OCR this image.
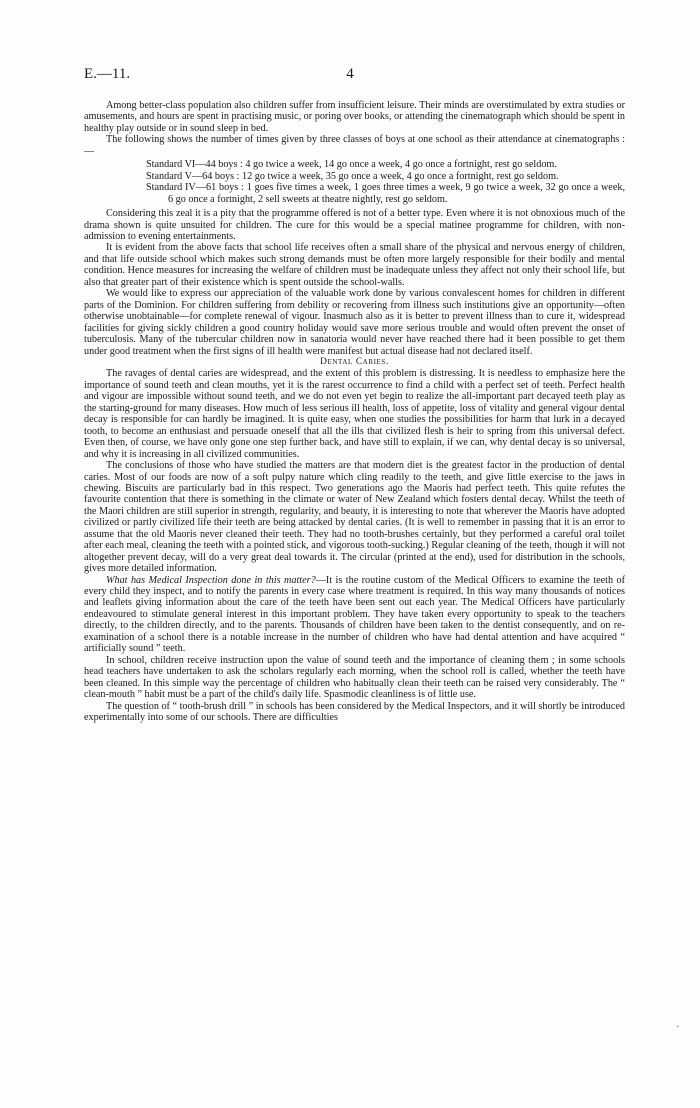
E.—11.	4

Among better-class population also children suffer from insufficient leisure. Their minds are overstimulated by extra studies or amusements, and hours are spent in practising music, or poring over books, or attending the cinematograph which should be spent in healthy play outside or in sound sleep in bed.

The following shows the number of times given by three classes of boys at one school as their attendance at cinematographs :—

Standard VI—44 boys : 4 go twice a week, 14 go once a week, 4 go once a fortnight, rest go seldom.

Standard V—64 boys : 12 go twice a week, 35 go once a week, 4 go once a fortnight, rest go seldom.

Standard IV—61 boys : 1 goes five times a week, 1 goes three times a week, 9 go twice a week, 32 go once a week, 6 go once a fortnight, 2 sell sweets at theatre nightly, rest go seldom.

Considering this zeal it is a pity that the programme offered is not of a better type. Even where it is not obnoxious much of the drama shown is quite unsuited for children. The cure for this would be a special matinee programme for children, with non-admission to evening entertainments.

It is evident from the above facts that school life receives often a small share of the physical and nervous energy of children, and that life outside school which makes such strong demands must be often more largely responsible for their bodily and mental condition. Hence measures for increasing the welfare of children must be inadequate unless they affect not only their school life, but also that greater part of their existence which is spent outside the school-walls.

We would like to express our appreciation of the valuable work done by various convalescent homes for children in different parts of the Dominion. For children suffering from debility or recovering from illness such institutions give an opportunity—often otherwise unobtainable—for complete renewal of vigour. Inasmuch also as it is better to prevent illness than to cure it, widespread facilities for giving sickly children a good country holiday would save more serious trouble and would often prevent the onset of tuberculosis. Many of the tubercular children now in sanatoria would never have reached there had it been possible to get them under good treatment when the first signs of ill health were manifest but actual disease had not declared itself.

Dental Caries.

The ravages of dental caries are widespread, and the extent of this problem is distressing. It is needless to emphasize here the importance of sound teeth and clean mouths, yet it is the rarest occurrence to find a child with a perfect set of teeth. Perfect health and vigour are impossible without sound teeth, and we do not even yet begin to realize the all-important part decayed teeth play as the starting-ground for many diseases. How much of less serious ill health, loss of appetite, loss of vitality and general vigour dental decay is responsible for can hardly be imagined. It is quite easy, when one studies the possibilities for harm that lurk in a decayed tooth, to become an enthusiast and persuade oneself that all the ills that civilized flesh is heir to spring from this universal defect. Even then, of course, we have only gone one step further back, and have still to explain, if we can, why dental decay is so universal, and why it is increasing in all civilized communities.

The conclusions of those who have studied the matters are that modern diet is the greatest factor in the production of dental caries. Most of our foods are now of a soft pulpy nature which cling readily to the teeth, and give little exercise to the jaws in chewing. Biscuits are particularly bad in this respect. Two generations ago the Maoris had perfect teeth. This quite refutes the favourite contention that there is something in the climate or water of New Zealand which fosters dental decay. Whilst the teeth of the Maori children are still superior in strength, regularity, and beauty, it is interesting to note that wherever the Maoris have adopted civilized or partly civilized life their teeth are being attacked by dental caries. (It is well to remember in passing that it is an error to assume that the old Maoris never cleaned their teeth. They had no tooth-brushes certainly, but they performed a careful oral toilet after each meal, cleaning the teeth with a pointed stick, and vigorous tooth-sucking.) Regular cleaning of the teeth, though it will not altogether prevent decay, will do a very great deal towards it. The circular (printed at the end), used for distribution in the schools, gives more detailed information.

What has Medical Inspection done in this matter?—It is the routine custom of the Medical Officers to examine the teeth of every child they inspect, and to notify the parents in every case where treatment is required. In this way many thousands of notices and leaflets giving information about the care of the teeth have been sent out each year. The Medical Officers have particularly endeavoured to stimulate general interest in this important problem. They have taken every opportunity to speak to the teachers directly, to the children directly, and to the parents. Thousands of children have been taken to the dentist consequently, and on re-examination of a school there is a notable increase in the number of children who have had dental attention and have acquired “ artificially sound ” teeth.

In school, children receive instruction upon the value of sound teeth and the importance of cleaning them ; in some schools head teachers have undertaken to ask the scholars regularly each morning, when the school roll is called, whether the teeth have been cleaned. In this simple way the percentage of children who habitually clean their teeth can be raised very considerably. The “ clean-mouth ” habit must be a part of the child's daily life. Spasmodic cleanliness is of little use.

The question of “ tooth-brush drill ” in schools has been considered by the Medical Inspectors, and it will shortly be introduced experimentally into some of our schools. There are difficulties

·
